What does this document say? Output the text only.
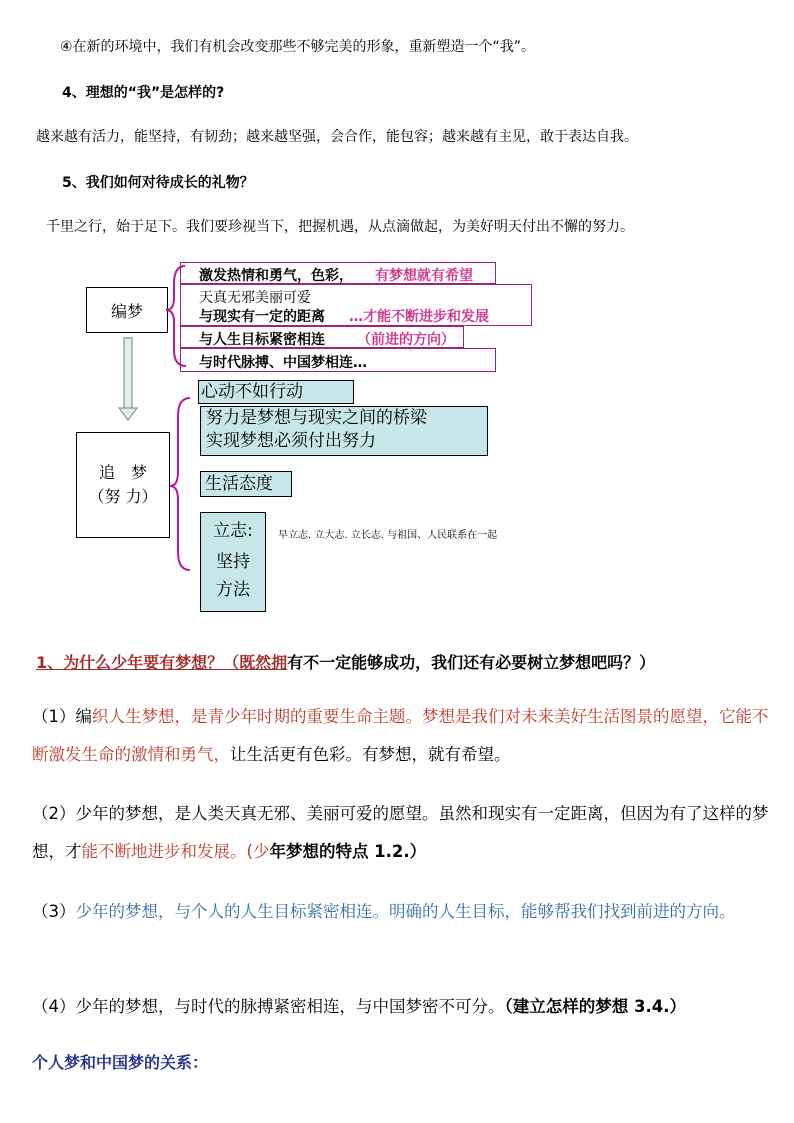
④在新的环境中，我们有机会改变那些不够完美的形象，重新塑造一个“我”。
4、理想的“我”是怎样的?
越来越有活力，能坚持，有韧劲；越来越坚强，会合作，能包容；越来越有主见，敢于表达自我。
5、我们如何对待成长的礼物？
千里之行，始于足下。我们要珍视当下，把握机遇，从点滴做起，为美好明天付出不懈的努力。
编梦
激发热情和勇气，色彩， 有梦想就有希望
天真无邪美丽可爱
与现实有一定的距离 …才能不断进步和发展
与人生目标紧密相连 （前进的方向）
与时代脉搏、中国梦相连…
追　梦
（努 力）
心动不如行动
努力是梦想与现实之间的桥梁
实现梦想必须付出努力
生活态度
立志:
坚持
方法
早立志. 立大志. 立长志. 与祖国、人民联系在一起
1、为什么少年要有梦想？（既然拥有不一定能够成功，我们还有必要树立梦想吧吗？）
（1）编织人生梦想，是青少年时期的重要生命主题。梦想是我们对未来美好生活图景的愿望，它能不断激发生命的激情和勇气，让生活更有色彩。有梦想，就有希望。
（2）少年的梦想，是人类天真无邪、美丽可爱的愿望。虽然和现实有一定距离，但因为有了这样的梦想，才能不断地进步和发展。(少年梦想的特点 1.2.）
（3）少年的梦想，与个人的人生目标紧密相连。明确的人生目标，能够帮我们找到前进的方向。
（4）少年的梦想，与时代的脉搏紧密相连，与中国梦密不可分。（建立怎样的梦想 3.4.）
个人梦和中国梦的关系：
